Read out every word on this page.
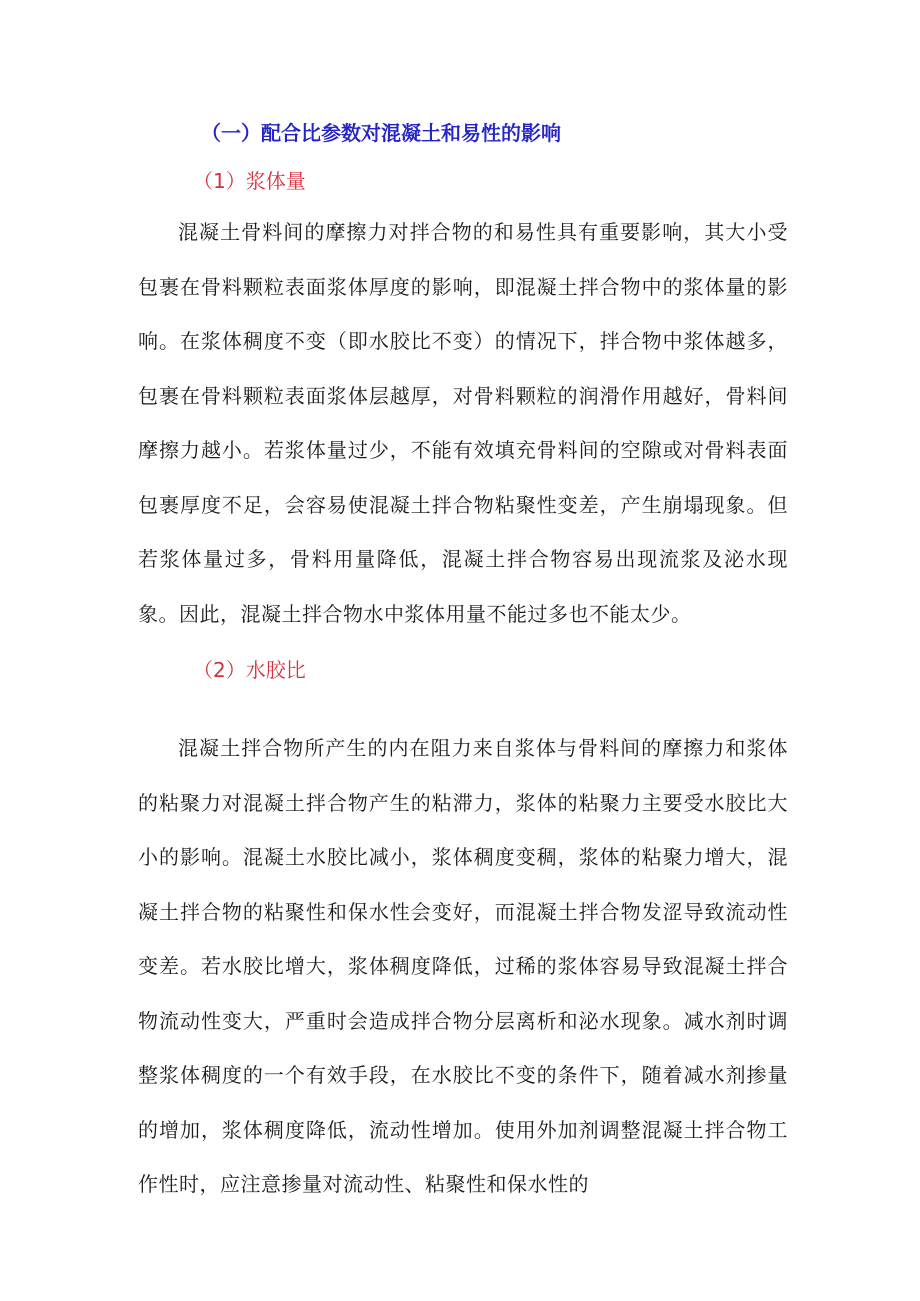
（一）配合比参数对混凝土和易性的影响
（1）浆体量

混凝土骨料间的摩擦力对拌合物的和易性具有重要影响，其大小受包裹在骨料颗粒表面浆体厚度的影响，即混凝土拌合物中的浆体量的影响。在浆体稠度不变（即水胶比不变）的情况下，拌合物中浆体越多，包裹在骨料颗粒表面浆体层越厚，对骨料颗粒的润滑作用越好，骨料间摩擦力越小。若浆体量过少，不能有效填充骨料间的空隙或对骨料表面包裹厚度不足，会容易使混凝土拌合物粘聚性变差，产生崩塌现象。但若浆体量过多，骨料用量降低，混凝土拌合物容易出现流浆及泌水现象。因此，混凝土拌合物水中浆体用量不能过多也不能太少。

（2）水胶比

混凝土拌合物所产生的内在阻力来自浆体与骨料间的摩擦力和浆体的粘聚力对混凝土拌合物产生的粘滞力，浆体的粘聚力主要受水胶比大小的影响。混凝土水胶比减小，浆体稠度变稠，浆体的粘聚力增大，混凝土拌合物的粘聚性和保水性会变好，而混凝土拌合物发涩导致流动性变差。若水胶比增大，浆体稠度降低，过稀的浆体容易导致混凝土拌合物流动性变大，严重时会造成拌合物分层离析和泌水现象。减水剂时调整浆体稠度的一个有效手段，在水胶比不变的条件下，随着减水剂掺量的增加，浆体稠度降低，流动性增加。使用外加剂调整混凝土拌合物工作性时，应注意掺量对流动性、粘聚性和保水性的
